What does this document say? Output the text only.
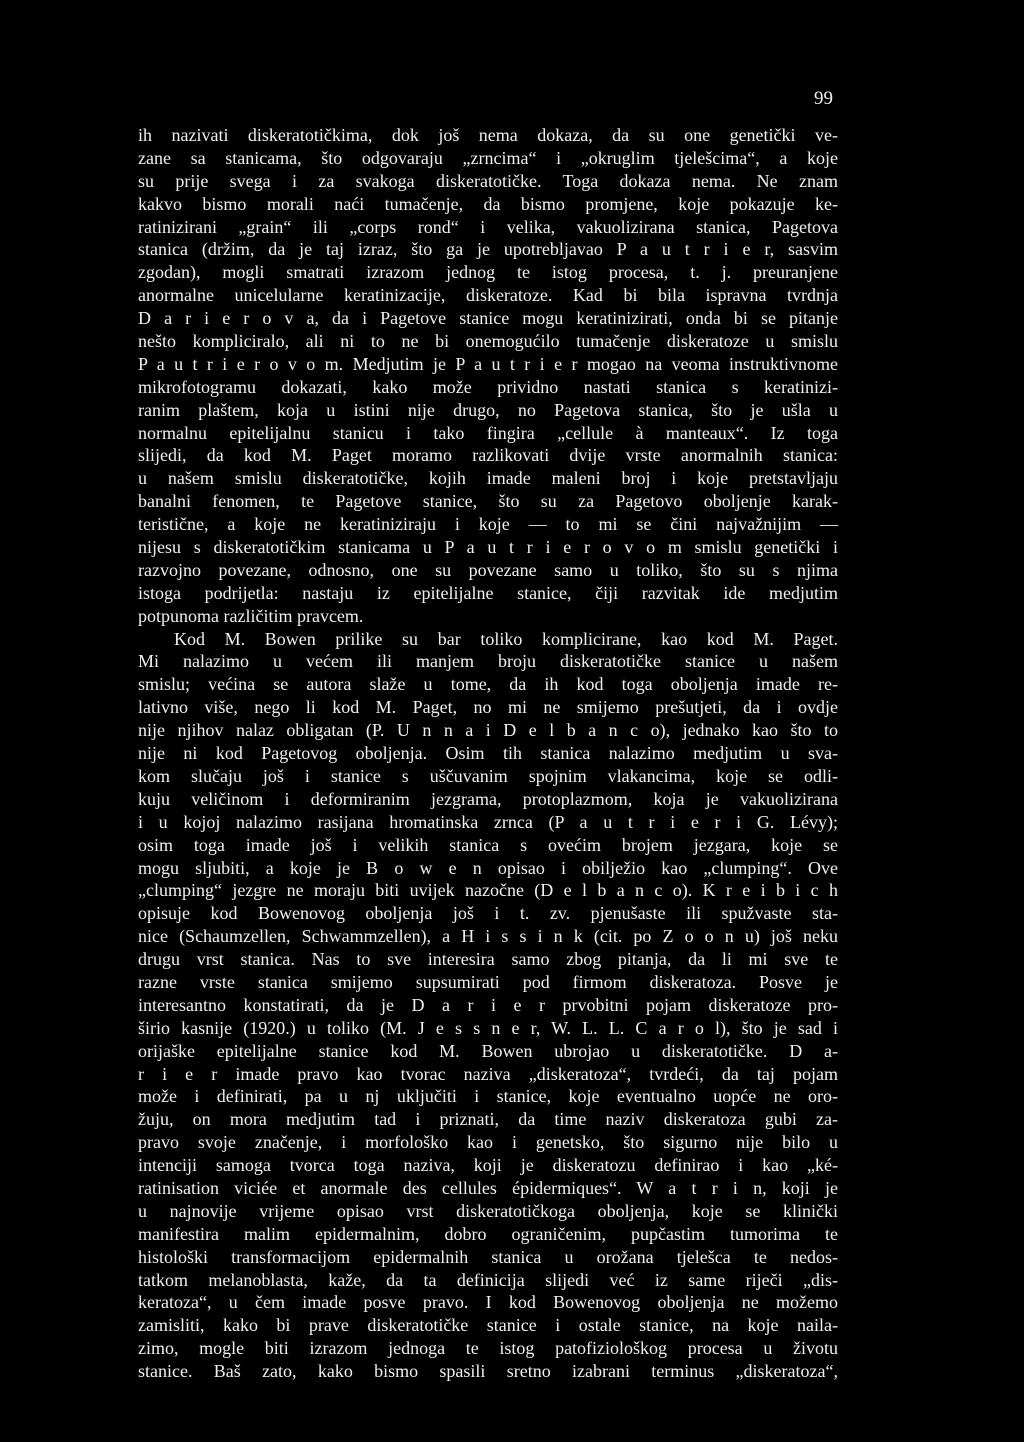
99
ih nazivati diskeratotičkima, dok još nema dokaza, da su one genetički ve-
zane sa stanicama, što odgovaraju „zrncima“ i „okruglim tjelešcima“, a koje
su prije svega i za svakoga diskeratotičke. Toga dokaza nema. Ne znam
kakvo bismo morali naći tumačenje, da bismo promjene, koje pokazuje ke-
ratinizirani „grain“ ili „corps rond“ i velika, vakuolizirana stanica, Pagetova
stanica (držim, da je taj izraz, što ga je upotrebljavao P a u t r i e r, sasvim
zgodan), mogli smatrati izrazom jednog te istog procesa, t. j. preuranjene
anormalne unicelularne keratinizacije, diskeratoze. Kad bi bila ispravna tvrdnja
D a r i e r o v a, da i Pagetove stanice mogu keratinizirati, onda bi se pitanje
nešto kompliciralo, ali ni to ne bi onemogućilo tumačenje diskeratoze u smislu
P a u t r i e r o v o m. Medjutim je P a u t r i e r mogao na veoma instruktivnome
mikrofotogramu dokazati, kako može prividno nastati stanica s keratinizi-
ranim plaštem, koja u istini nije drugo, no Pagetova stanica, što je ušla u
normalnu epitelijalnu stanicu i tako fingira „cellule à manteaux“. Iz toga
slijedi, da kod M. Paget moramo razlikovati dvije vrste anormalnih stanica:
u našem smislu diskeratotičke, kojih imade maleni broj i koje pretstavljaju
banalni fenomen, te Pagetove stanice, što su za Pagetovo oboljenje karak-
teristične, a koje ne keratiniziraju i koje — to mi se čini najvažnijim —
nijesu s diskeratotičkim stanicama u P a u t r i e r o v o m smislu genetički i
razvojno povezane, odnosno, one su povezane samo u toliko, što su s njima
istoga podrijetla: nastaju iz epitelijalne stanice, čiji razvitak ide medjutim
potpunoma različitim pravcem.
Kod M. Bowen prilike su bar toliko komplicirane, kao kod M. Paget.
Mi nalazimo u većem ili manjem broju diskeratotičke stanice u našem
smislu; većina se autora slaže u tome, da ih kod toga oboljenja imade re-
lativno više, nego li kod M. Paget, no mi ne smijemo prešutjeti, da i ovdje
nije njihov nalaz obligatan (P. U n n a i D e l b a n c o), jednako kao što to
nije ni kod Pagetovog oboljenja. Osim tih stanica nalazimo medjutim u sva-
kom slučaju još i stanice s uščuvanim spojnim vlakancima, koje se odli-
kuju veličinom i deformiranim jezgrama, protoplazmom, koja je vakuolizirana
i u kojoj nalazimo rasijana hromatinska zrnca (P a u t r i e r i G. Lévy);
osim toga imade još i velikih stanica s ovećim brojem jezgara, koje se
mogu sljubiti, a koje je B o w e n opisao i obilježio kao „clumping“. Ove
„clumping“ jezgre ne moraju biti uvijek nazočne (D e l b a n c o). K r e i b i c h
opisuje kod Bowenovog oboljenja još i t. zv. pjenušaste ili spužvaste sta-
nice (Schaumzellen, Schwammzellen), a H i s s i n k (cit. po Z o o n u) još neku
drugu vrst stanica. Nas to sve interesira samo zbog pitanja, da li mi sve te
razne vrste stanica smijemo supsumirati pod firmom diskeratoza. Posve je
interesantno konstatirati, da je D a r i e r prvobitni pojam diskeratoze pro-
širio kasnije (1920.) u toliko (M. J e s s n e r, W. L. L. C a r o l), što je sad i
orijaške epitelijalne stanice kod M. Bowen ubrojao u diskeratotičke. D a-
r i e r imade pravo kao tvorac naziva „diskeratoza“, tvrdeći, da taj pojam
može i definirati, pa u nj uključiti i stanice, koje eventualno uopće ne oro-
žuju, on mora medjutim tad i priznati, da time naziv diskeratoza gubi za-
pravo svoje značenje, i morfološko kao i genetsko, što sigurno nije bilo u
intenciji samoga tvorca toga naziva, koji je diskeratozu definirao i kao „ké-
ratinisation viciée et anormale des cellules épidermiques“. W a t r i n, koji je
u najnovije vrijeme opisao vrst diskeratotičkoga oboljenja, koje se klinički
manifestira malim epidermalnim, dobro ograničenim, pupčastim tumorima te
histološki transformacijom epidermalnih stanica u orožana tjelešca te nedos-
tatkom melanoblasta, kaže, da ta definicija slijedi već iz same riječi „dis-
keratoza“, u čem imade posve pravo. I kod Bowenovog oboljenja ne možemo
zamisliti, kako bi prave diskeratotičke stanice i ostale stanice, na koje naila-
zimo, mogle biti izrazom jednoga te istog patofiziološkog procesa u životu
stanice. Baš zato, kako bismo spasili sretno izabrani terminus „diskeratoza“,
